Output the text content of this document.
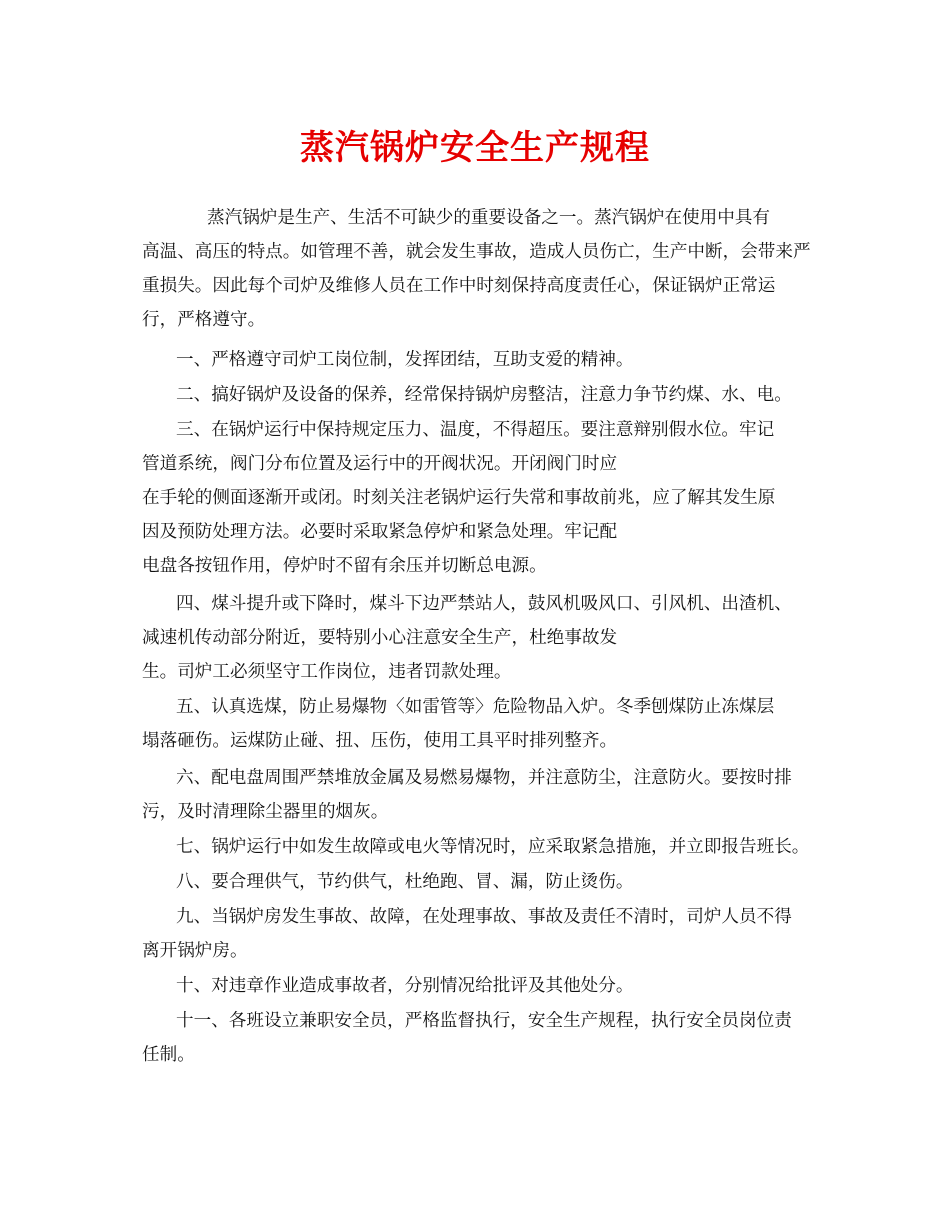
蒸汽锅炉安全生产规程
蒸汽锅炉是生产、生活不可缺少的重要设备之一。蒸汽锅炉在使用中具有
高温、高压的特点。如管理不善，就会发生事故，造成人员伤亡，生产中断，会带来严
重损失。因此每个司炉及维修人员在工作中时刻保持高度责任心，保证锅炉正常运
行，严格遵守。
一、严格遵守司炉工岗位制，发挥团结，互助支爱的精神。
二、搞好锅炉及设备的保养，经常保持锅炉房整洁，注意力争节约煤、水、电。
三、在锅炉运行中保持规定压力、温度，不得超压。要注意辩别假水位。牢记
管道系统，阀门分布位置及运行中的开阀状况。开闭阀门时应
在手轮的侧面逐渐开或闭。时刻关注老锅炉运行失常和事故前兆，应了解其发生原
因及预防处理方法。必要时采取紧急停炉和紧急处理。牢记配
电盘各按钮作用，停炉时不留有余压并切断总电源。
四、煤斗提升或下降时，煤斗下边严禁站人，鼓风机吸风口、引风机、出渣机、
减速机传动部分附近，要特别小心注意安全生产，杜绝事故发
生。司炉工必须坚守工作岗位，违者罚款处理。
五、认真选煤，防止易爆物〈如雷管等〉危险物品入炉。冬季刨煤防止冻煤层
塌落砸伤。运煤防止碰、扭、压伤，使用工具平时排列整齐。
六、配电盘周围严禁堆放金属及易燃易爆物，并注意防尘，注意防火。要按时排
污，及时清理除尘器里的烟灰。
七、锅炉运行中如发生故障或电火等情况时，应采取紧急措施，并立即报告班长。
八、要合理供气，节约供气，杜绝跑、冒、漏，防止烫伤。
九、当锅炉房发生事故、故障，在处理事故、事故及责任不清时，司炉人员不得
离开锅炉房。
十、对违章作业造成事故者，分别情况给批评及其他处分。
十一、各班设立兼职安全员，严格监督执行，安全生产规程，执行安全员岗位责
任制。
